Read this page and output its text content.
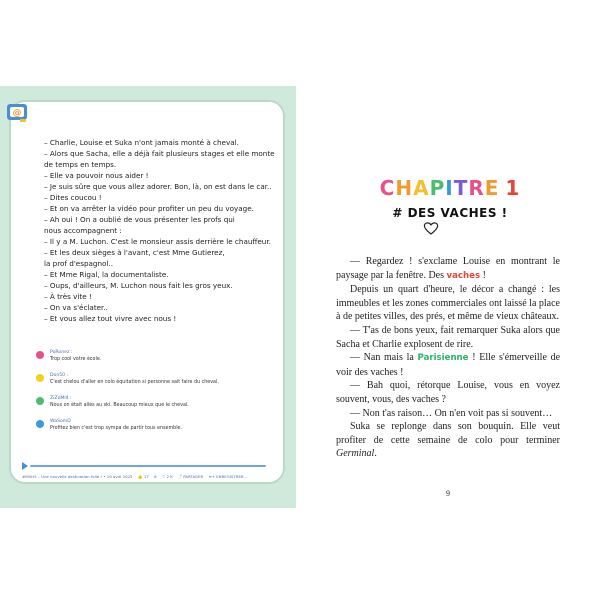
@
– Charlie, Louise et Suka n'ont jamais monté à cheval.
– Alors que Sacha, elle a déjà fait plusieurs stages et elle monte
de temps en temps.
– Elle va pouvoir nous aider !
– Je suis sûre que vous allez adorer. Bon, là, on est dans le car..
– Dites coucou !
– Et on va arrêter la vidéo pour profiter un peu du voyage.
– Ah oui ! On a oublié de vous présenter les profs qui
nous accompagnent :
– Il y a M. Luchon. C'est le monsieur assis derrière le chauffeur.
– Et les deux sièges à l'avant, c'est Mme Gutierez,
la prof d'espagnol..
– Et Mme Rigal, la documentaliste.
– Oups, d'ailleurs, M. Luchon nous fait les gros yeux.
– À très vite !
– On va s'éclater..
– Et vous allez tout vivre avec nous !
PoRonez :
Trop cool votre école.
Don50 :
C'est chelou d'aller en colo équitation si personne sait faire du cheval.
ZiZoMl4 :
Nous on était allés au ski. Beaucoup mieux que le cheval.
WaSomD
Profitez bien c'est trop sympa de partir tous ensemble.
#MVH5 – Une nouvelle destination folle ! • 19 avril 2025 👍 17 6 ♡ 2 K ⤴ PARTAGER ≡+ ENREGISTRER ...
CHAPITRE 1
# DES VACHES !

— Regardez ! s'exclame Louise en montrant le paysage par la fenêtre. Des vaches !

Depuis un quart d'heure, le décor a changé : les immeubles et les zones commerciales ont laissé la place à de petites villes, des prés, et même de vieux châteaux.

— T'as de bons yeux, fait remarquer Suka alors que Sacha et Charlie explosent de rire.

— Nan mais la Parisienne ! Elle s'émerveille de voir des vaches !

— Bah quoi, rétorque Louise, vous en voyez souvent, vous, des vaches ?

— Non t'as raison… On n'en voit pas si souvent…

Suka se replonge dans son bouquin. Elle veut profiter de cette semaine de colo pour terminer Germinal.

9
